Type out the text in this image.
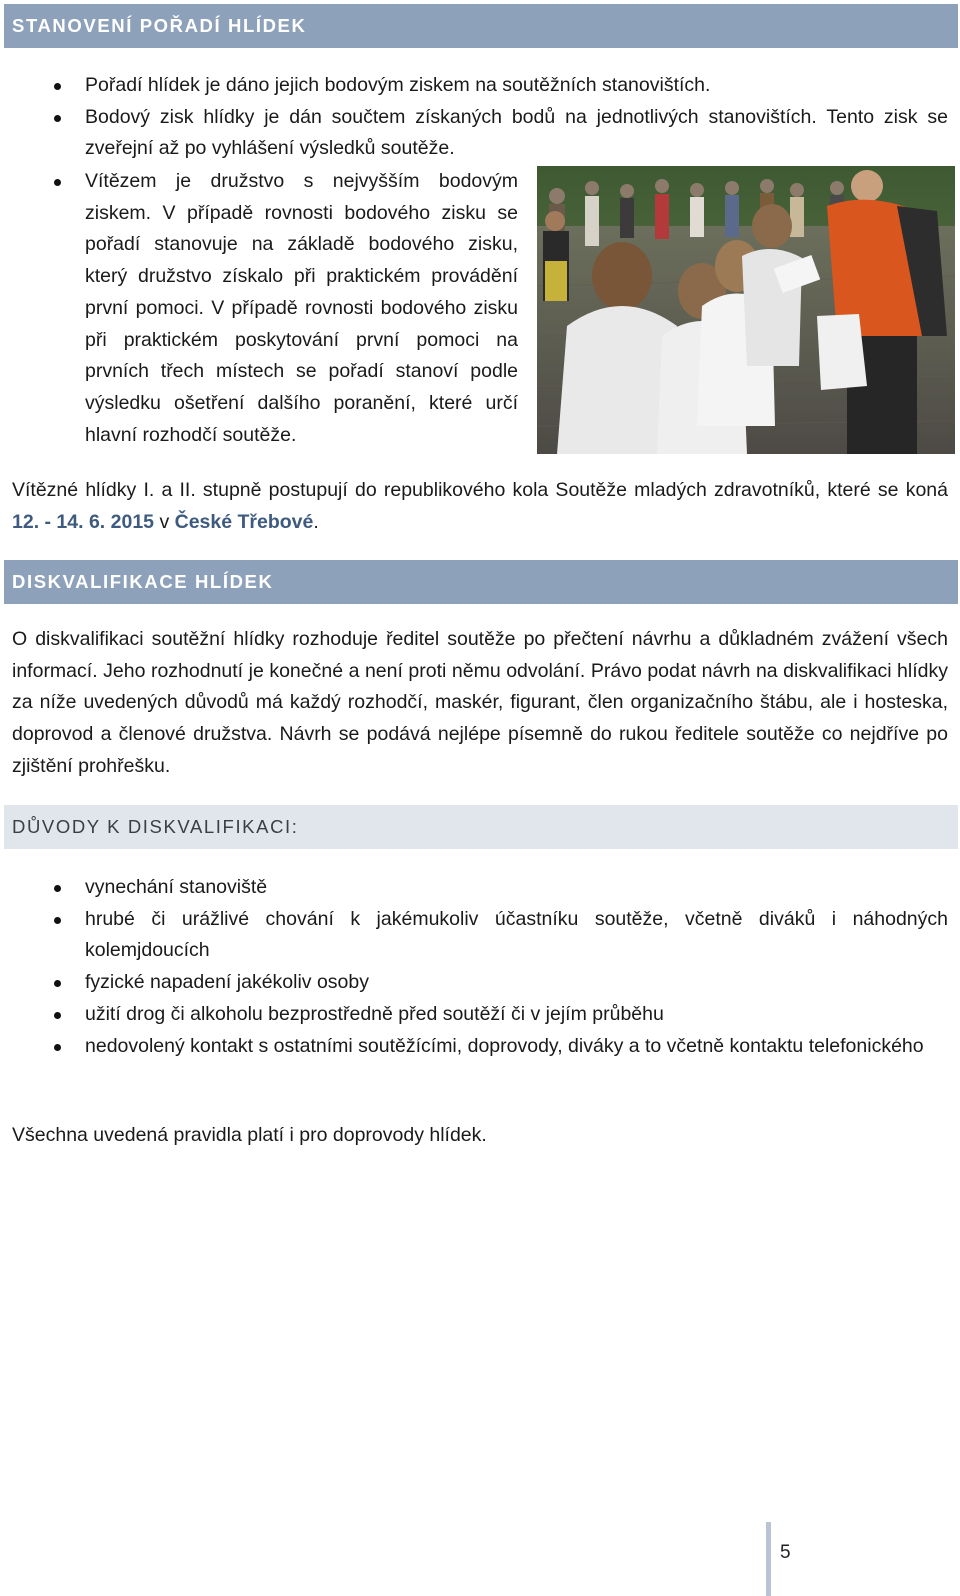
STANOVENÍ POŘADÍ HLÍDEK
Pořadí hlídek je dáno jejich bodovým ziskem na soutěžních stanovištích.
Bodový zisk hlídky je dán součtem získaných bodů na jednotlivých stanovištích. Tento zisk se zveřejní až po vyhlášení výsledků soutěže.
Vítězem je družstvo s nejvyšším bodovým ziskem. V případě rovnosti bodového zisku se pořadí stanovuje na základě bodového zisku, který družstvo získalo při praktickém provádění první pomoci. V případě rovnosti bodového zisku při praktickém poskytování první pomoci na prvních třech místech se pořadí stanoví podle výsledku ošetření dalšího poranění, které určí hlavní rozhodčí soutěže.

Vítězné hlídky I. a II. stupně postupují do republikového kola Soutěže mladých zdravotníků, které se koná 12. - 14. 6. 2015 v České Třebové.

DISKVALIFIKACE HLÍDEK

O diskvalifikaci soutěžní hlídky rozhoduje ředitel soutěže po přečtení návrhu a důkladném zvážení všech informací. Jeho rozhodnutí je konečné a není proti němu odvolání. Právo podat návrh na diskvalifikaci hlídky za níže uvedených důvodů má každý rozhodčí, maskér, figurant, člen organizačního štábu, ale i hosteska, doprovod a členové družstva. Návrh se podává nejlépe písemně do rukou ředitele soutěže co nejdříve po zjištění prohřešku.

DŮVODY K DISKVALIFIKACI:
vynechání stanoviště
hrubé či urážlivé chování k jakémukoliv účastníku soutěže, včetně diváků i náhodných kolemjdoucích
fyzické napadení jakékoliv osoby
užití drog či alkoholu bezprostředně před soutěží či v jejím průběhu
nedovolený kontakt s ostatními soutěžícími, doprovody, diváky a to včetně kontaktu telefonického

Všechna uvedená pravidla platí i pro doprovody hlídek.

5
